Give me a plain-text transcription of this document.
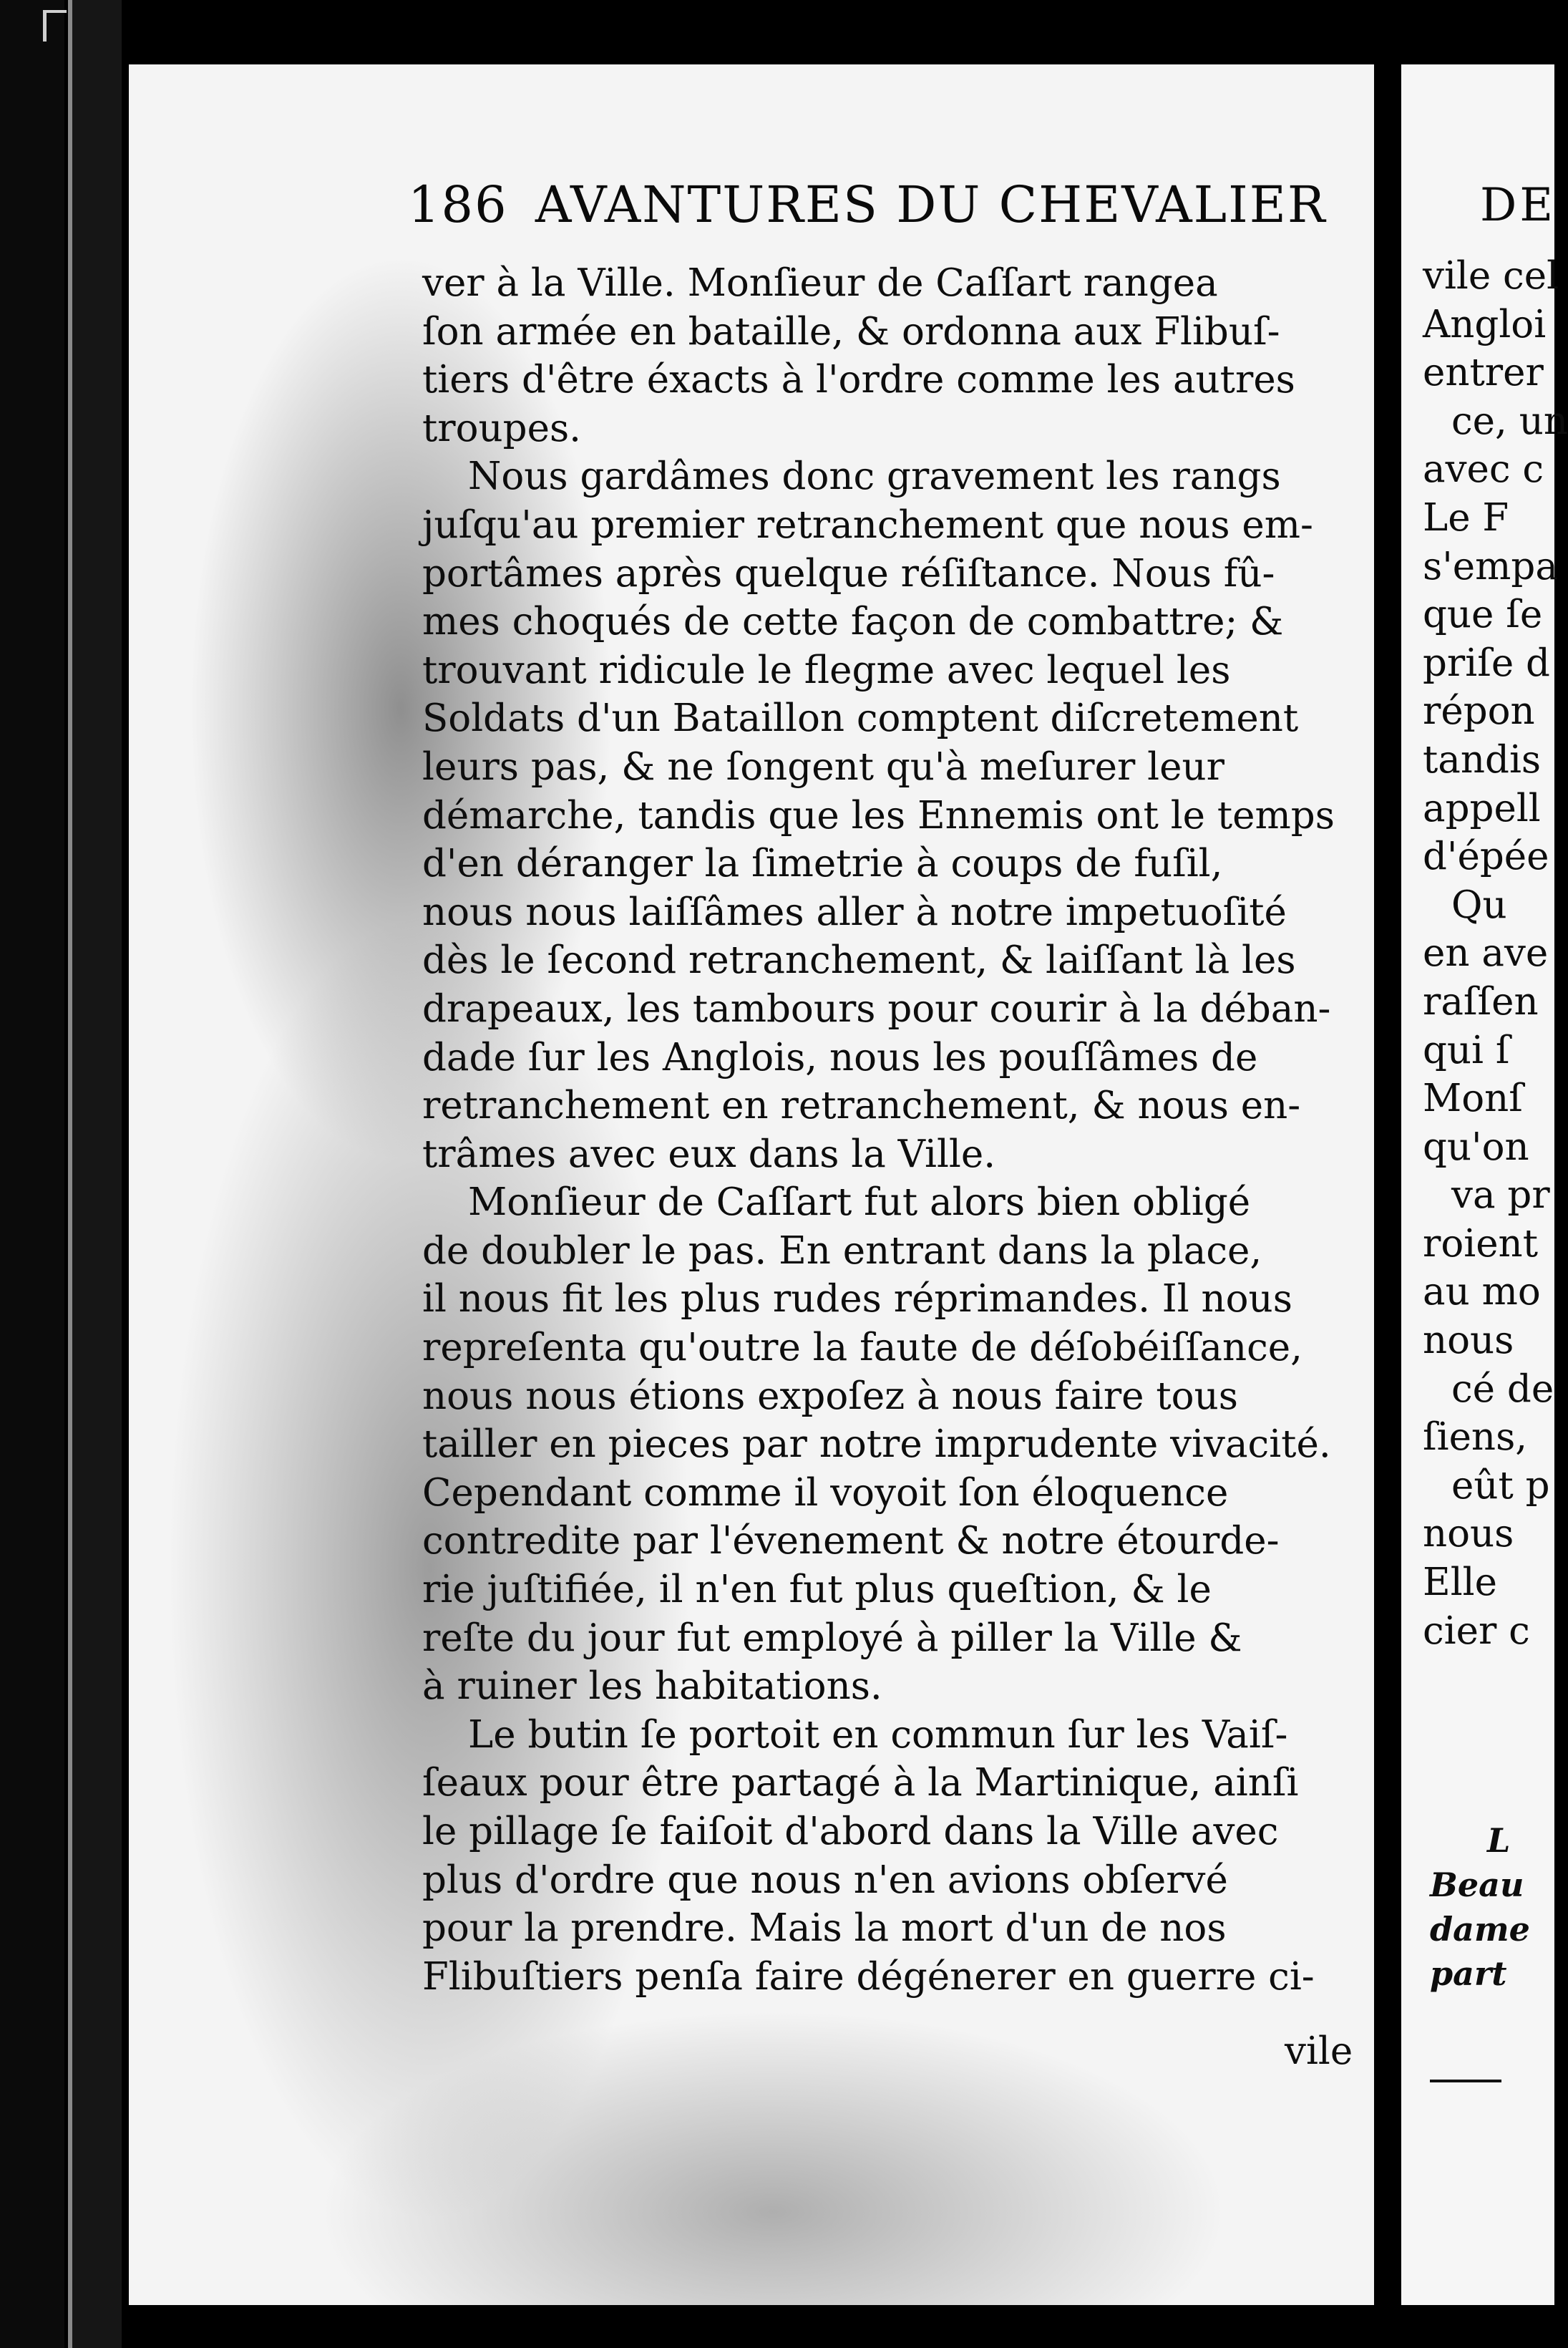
186 AVANTURES DU CHEVALIER
ver à la Ville. Monſieur de Caſſart rangea
ſon armée en bataille, & ordonna aux Flibuſ-
tiers d'être éxacts à l'ordre comme les autres
troupes.
Nous gardâmes donc gravement les rangs
juſqu'au premier retranchement que nous em-
portâmes après quelque réſiſtance. Nous fû-
mes choqués de cette façon de combattre; &
trouvant ridicule le flegme avec lequel les
Soldats d'un Bataillon comptent diſcretement
leurs pas, & ne ſongent qu'à meſurer leur
démarche, tandis que les Ennemis ont le temps
d'en déranger la ſimetrie à coups de fuſil,
nous nous laiſſâmes aller à notre impetuoſité
dès le ſecond retranchement, & laiſſant là les
drapeaux, les tambours pour courir à la déban-
dade ſur les Anglois, nous les pouſſâmes de
retranchement en retranchement, & nous en-
trâmes avec eux dans la Ville.
Monſieur de Caſſart fut alors bien obligé
de doubler le pas. En entrant dans la place,
il nous fit les plus rudes réprimandes. Il nous
repreſenta qu'outre la faute de déſobéiſſance,
nous nous étions expoſez à nous faire tous
tailler en pieces par notre imprudente vivacité.
Cependant comme il voyoit ſon éloquence
contredite par l'évenement & notre étourde-
rie juſtifiée, il n'en fut plus queſtion, & le
reſte du jour fut employé à piller la Ville &
à ruiner les habitations.
Le butin ſe portoit en commun ſur les Vaiſ-
ſeaux pour être partagé à la Martinique, ainſi
le pillage ſe faiſoit d'abord dans la Ville avec
plus d'ordre que nous n'en avions obſervé
pour la prendre. Mais la mort d'un de nos
Flibuſtiers penſa faire dégénerer en guerre ci-
vile
DE
vile cel
Angloi
entrer
ce, un
avec c
Le F
s'empa
que ſe
priſe d
répon
tandis
appell
d'épée
Qu
en ave
raſſen
qui ſ
Monſ
qu'on
va pr
roient
au mo
nous
cé de
ſiens,
eût p
nous
Elle
cier c
L
Beau
dame
part
